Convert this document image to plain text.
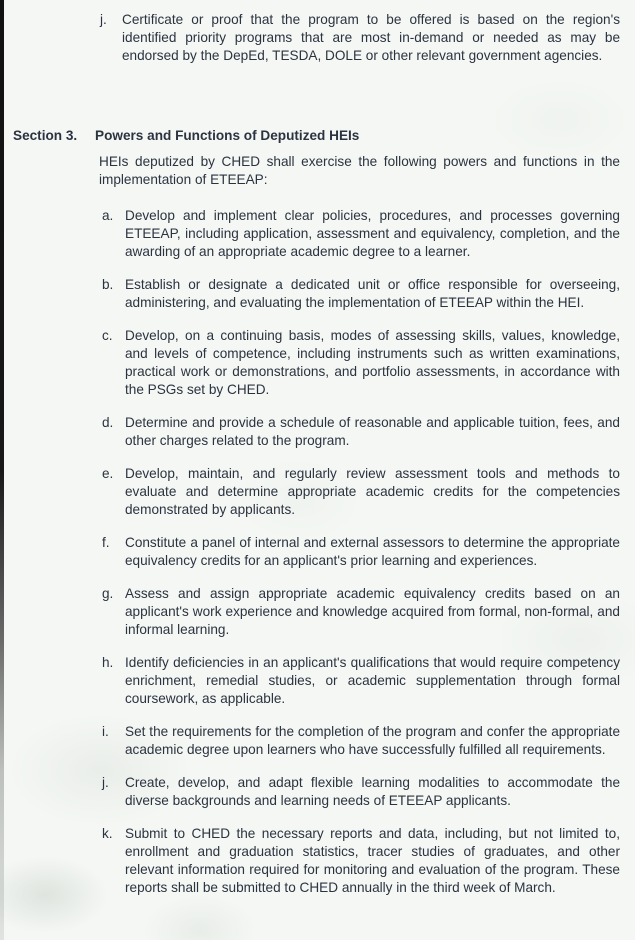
j.	Certificate or proof that the program to be offered is based on the region's identified priority programs that are most in-demand or needed as may be endorsed by the DepEd, TESDA, DOLE or other relevant government agencies.
Section 3.	Powers and Functions of Deputized HEIs
HEIs deputized by CHED shall exercise the following powers and functions in the implementation of ETEEAP:
a. Develop and implement clear policies, procedures, and processes governing ETEEAP, including application, assessment and equivalency, completion, and the awarding of an appropriate academic degree to a learner.
b. Establish or designate a dedicated unit or office responsible for overseeing, administering, and evaluating the implementation of ETEEAP within the HEI.
c. Develop, on a continuing basis, modes of assessing skills, values, knowledge, and levels of competence, including instruments such as written examinations, practical work or demonstrations, and portfolio assessments, in accordance with the PSGs set by CHED.
d. Determine and provide a schedule of reasonable and applicable tuition, fees, and other charges related to the program.
e. Develop, maintain, and regularly review assessment tools and methods to evaluate and determine appropriate academic credits for the competencies demonstrated by applicants.
f.	Constitute a panel of internal and external assessors to determine the appropriate equivalency credits for an applicant's prior learning and experiences.
g. Assess and assign appropriate academic equivalency credits based on an applicant's work experience and knowledge acquired from formal, non-formal, and informal learning.
h. Identify deficiencies in an applicant's qualifications that would require competency enrichment, remedial studies, or academic supplementation through formal coursework, as applicable.
i.	Set the requirements for the completion of the program and confer the appropriate academic degree upon learners who have successfully fulfilled all requirements.
j.	Create, develop, and adapt flexible learning modalities to accommodate the diverse backgrounds and learning needs of ETEEAP applicants.
k. Submit to CHED the necessary reports and data, including, but not limited to, enrollment and graduation statistics, tracer studies of graduates, and other relevant information required for monitoring and evaluation of the program. These reports shall be submitted to CHED annually in the third week of March.
